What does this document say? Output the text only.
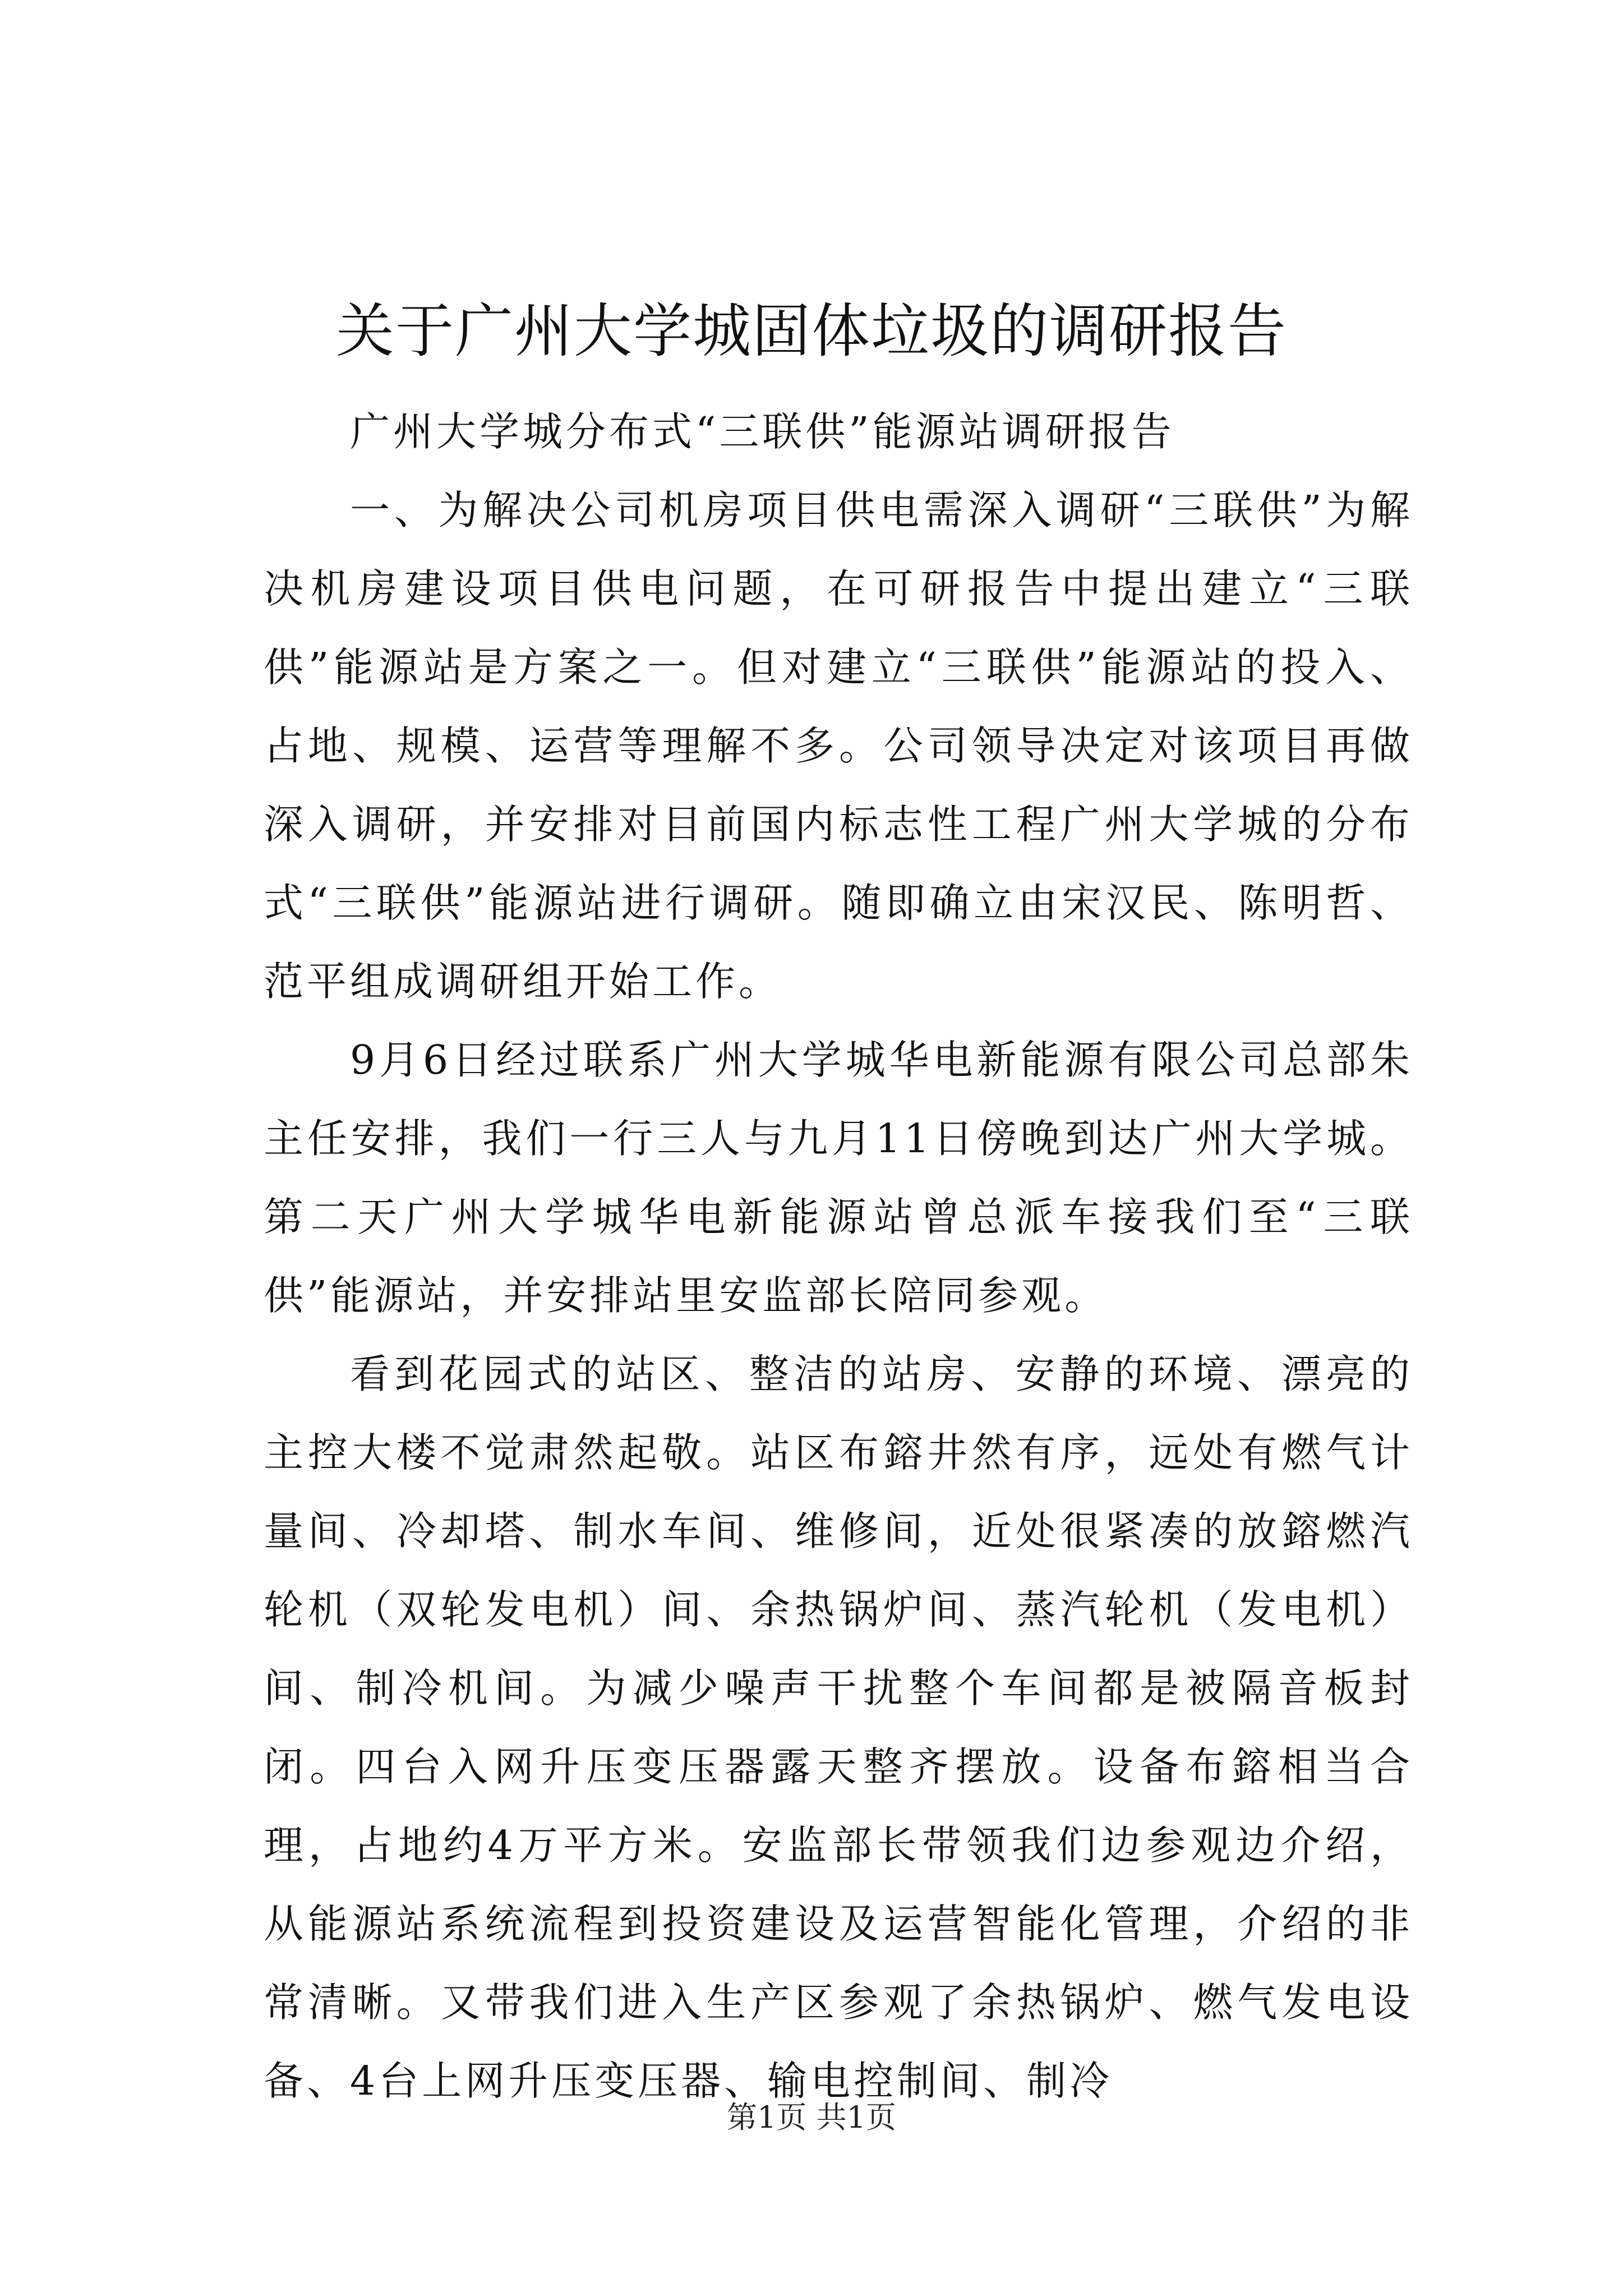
关于广州大学城固体垃圾的调研报告

广州大学城分布式“三联供”能源站调研报告

一、为解决公司机房项目供电需深入调研“三联供”为解决机房建设项目供电问题，在可研报告中提出建立“三联供”能源站是方案之一。但对建立“三联供”能源站的投入、占地、规模、运营等理解不多。公司领导决定对该项目再做深入调研，并安排对目前国内标志性工程广州大学城的分布式“三联供”能源站进行调研。随即确立由宋汉民、陈明哲、范平组成调研组开始工作。

9月6日经过联系广州大学城华电新能源有限公司总部朱主任安排，我们一行三人与九月11日傍晚到达广州大学城。第二天广州大学城华电新能源站曾总派车接我们至“三联供”能源站，并安排站里安监部长陪同参观。

看到花园式的站区、整洁的站房、安静的环境、漂亮的主控大楼不觉肃然起敬。站区布鎔井然有序，远处有燃气计量间、冷却塔、制水车间、维修间，近处很紧凑的放鎔燃汽轮机（双轮发电机）间、余热锅炉间、蒸汽轮机（发电机）间、制冷机间。为减少噪声干扰整个车间都是被隔音板封闭。四台入网升压变压器露天整齐摆放。设备布鎔相当合理，占地约4万平方米。安监部长带领我们边参观边介绍，从能源站系统流程到投资建设及运营智能化管理，介绍的非常清晰。又带我们进入生产区参观了余热锅炉、燃气发电设备、4台上网升压变压器、输电控制间、制冷

第1页 共1页
